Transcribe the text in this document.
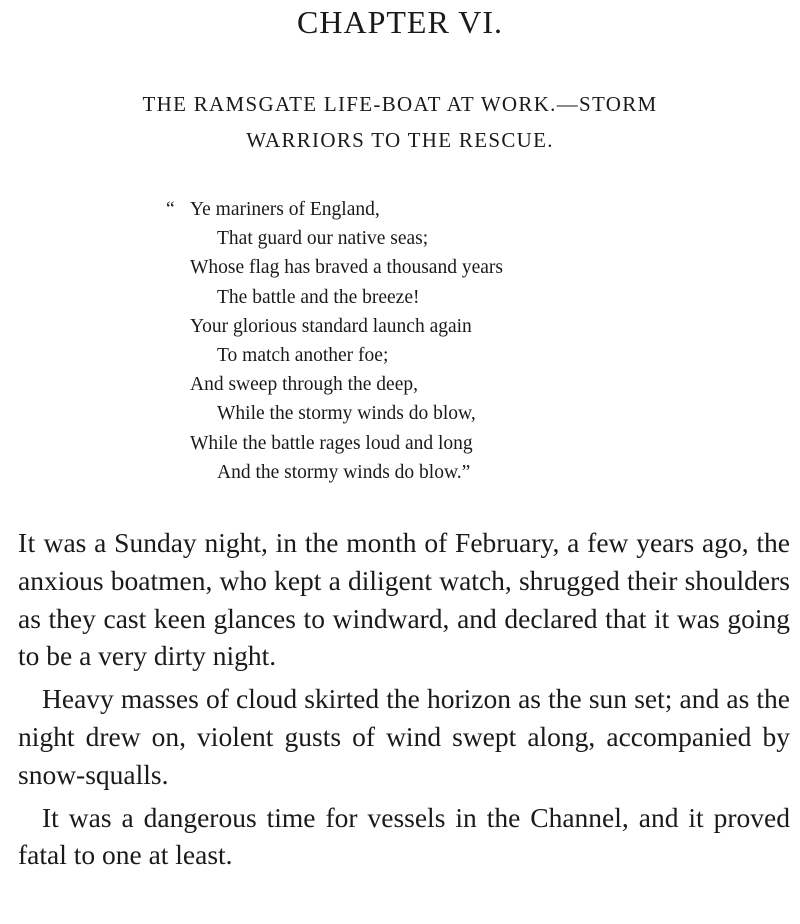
CHAPTER VI.
THE RAMSGATE LIFE-BOAT AT WORK.—STORM
WARRIORS TO THE RESCUE.
“ Ye mariners of England,
That guard our native seas;
Whose flag has braved a thousand years
The battle and the breeze!
Your glorious standard launch again
To match another foe;
And sweep through the deep,
While the stormy winds do blow,
While the battle rages loud and long
And the stormy winds do blow.”

It was a Sunday night, in the month of February, a few years ago, the anxious boatmen, who kept a diligent watch, shrugged their shoulders as they cast keen glances to windward, and declared that it was going to be a very dirty night.

Heavy masses of cloud skirted the horizon as the sun set; and as the night drew on, violent gusts of wind swept along, accompanied by snow-squalls.

It was a dangerous time for vessels in the Channel, and it proved fatal to one at least.
